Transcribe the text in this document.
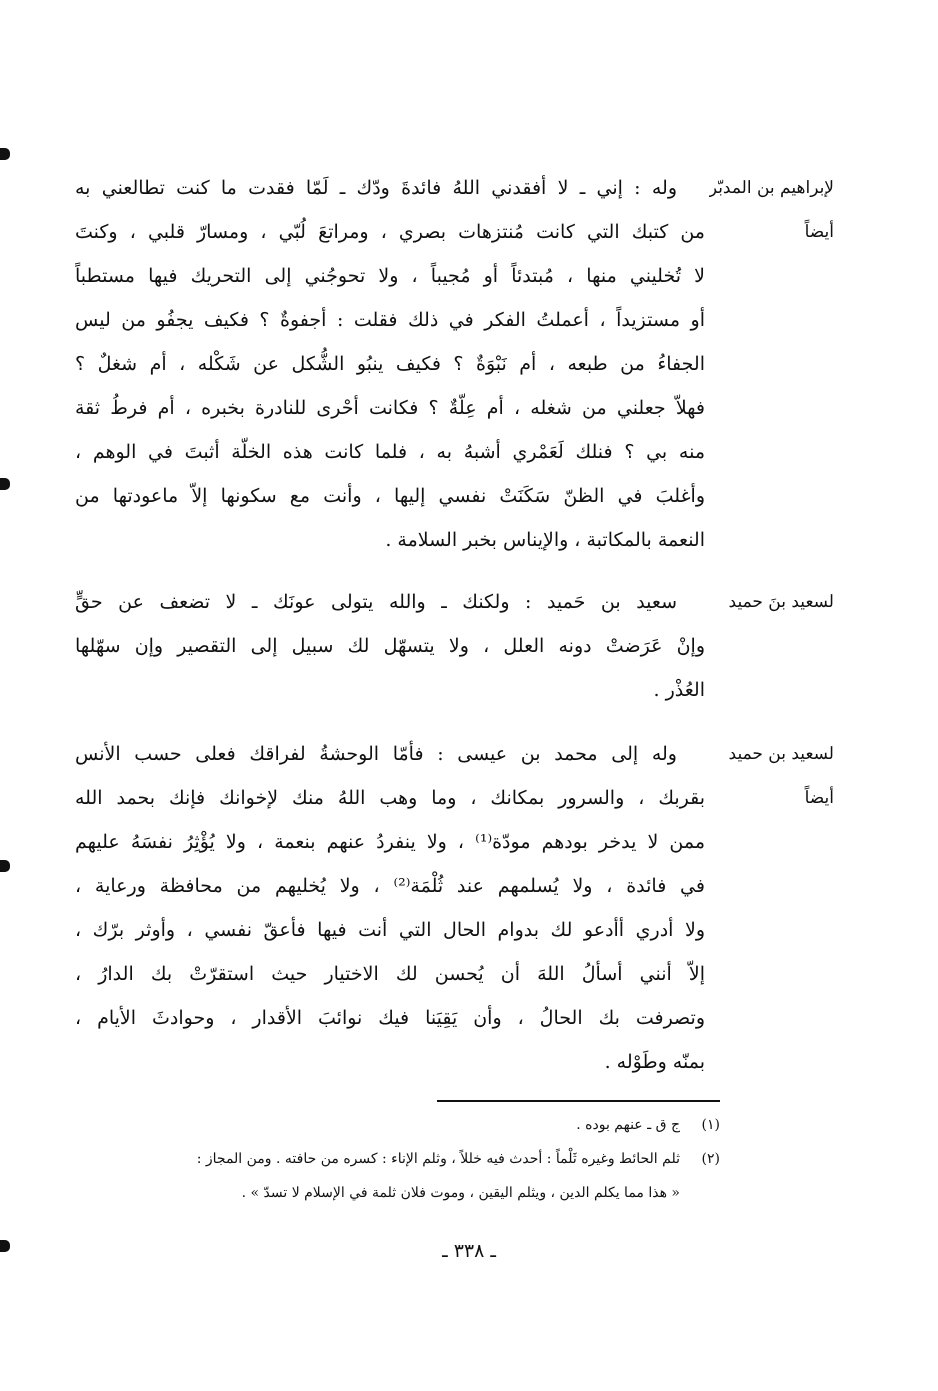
لإبراهيم بن المدبّر
أيضاً
وله : إني ـ لا أفقدني اللهُ فائدةَ ودّك ـ لَمّا فقدت ما كنت تطالعني به
من كتبك التي كانت مُنتزهات بصري ، ومراتعَ لُبّي ، ومسارّ قلبي ، وكنتَ
لا تُخليني منها ، مُبتدئاً أو مُجيباً ، ولا تحوجُني إلى التحريك فيها مستطباً
أو مستزيداً ، أعملتُ الفكر في ذلك فقلت : أجفوةٌ ؟ فكيف يجفُو من ليس
الجفاءُ من طبعه ، أم نَبْوَةٌ ؟ فكيف ينبُو الشُّكل عن شَكْله ، أم شغلٌ ؟
فهلاّ جعلني من شغله ، أم عِلّةٌ ؟ فكانت أحْرى للنادرة بخبره ، أم فرطُ ثقة
منه بي ؟ فنلك لَعَمْري أشبهُ به ، فلما كانت هذه الخلّة أثبتَ في الوهم ،
وأغلبَ في الظنّ سَكَنَتْ نفسي إليها ، وأنت مع سكونها إلاّ ماعودتها من
النعمة بالمكاتبة ، والإيناس بخبر السلامة .
لسعيد بنَ حميد
سعيد بن حَميد : ولكنك ـ والله يتولى عونَك ـ لا تضعف عن حقٍّ
وإنْ عَرَضتْ دونه العلل ، ولا يتسهّل لك سبيل إلى التقصير وإن سهّلها
العُذْر .
لسعيد بن حميد
أيضاً
وله إلى محمد بن عيسى : فأمّا الوحشةُ لفراقك فعلى حسب الأنس
بقربك ، والسرور بمكانك ، وما وهب اللهُ منك لإخوانك فإنك بحمد الله
ممن لا يدخر بودهم مودّة⁽¹⁾ ، ولا ينفردُ عنهم بنعمة ، ولا يُؤْثِرُ نفسَهُ عليهم
في فائدة ، ولا يُسلمهم عند ثُلْمَة⁽²⁾ ، ولا يُخليهم من محافظة ورعاية ،
ولا أدري أأدعو لك بدوام الحال التي أنت فيها فأعقّ نفسي ، وأوثر برّك ،
إلاّ أنني أسألُ اللهَ أن يُحسن لك الاختيار حيث استقرّتْ بك الدارُ ،
وتصرفت بك الحالُ ، وأن يَقِيَنا فيك نوائبَ الأقدار ، وحوادثَ الأيام ،
بمنّه وطَوْله .
(١)
ج ق ـ عنهم بوده .
(٢)
ثلم الحائط وغيره ثَلْماً : أحدث فيه خللاً ، وثلم الإناء : كسره من حافته . ومن المجاز :
« هذا مما يكلم الدين ، ويثلم اليقين ، وموت فلان ثلمة في الإسلام لا تسدّ » .
ـ ٣٣٨ ـ
